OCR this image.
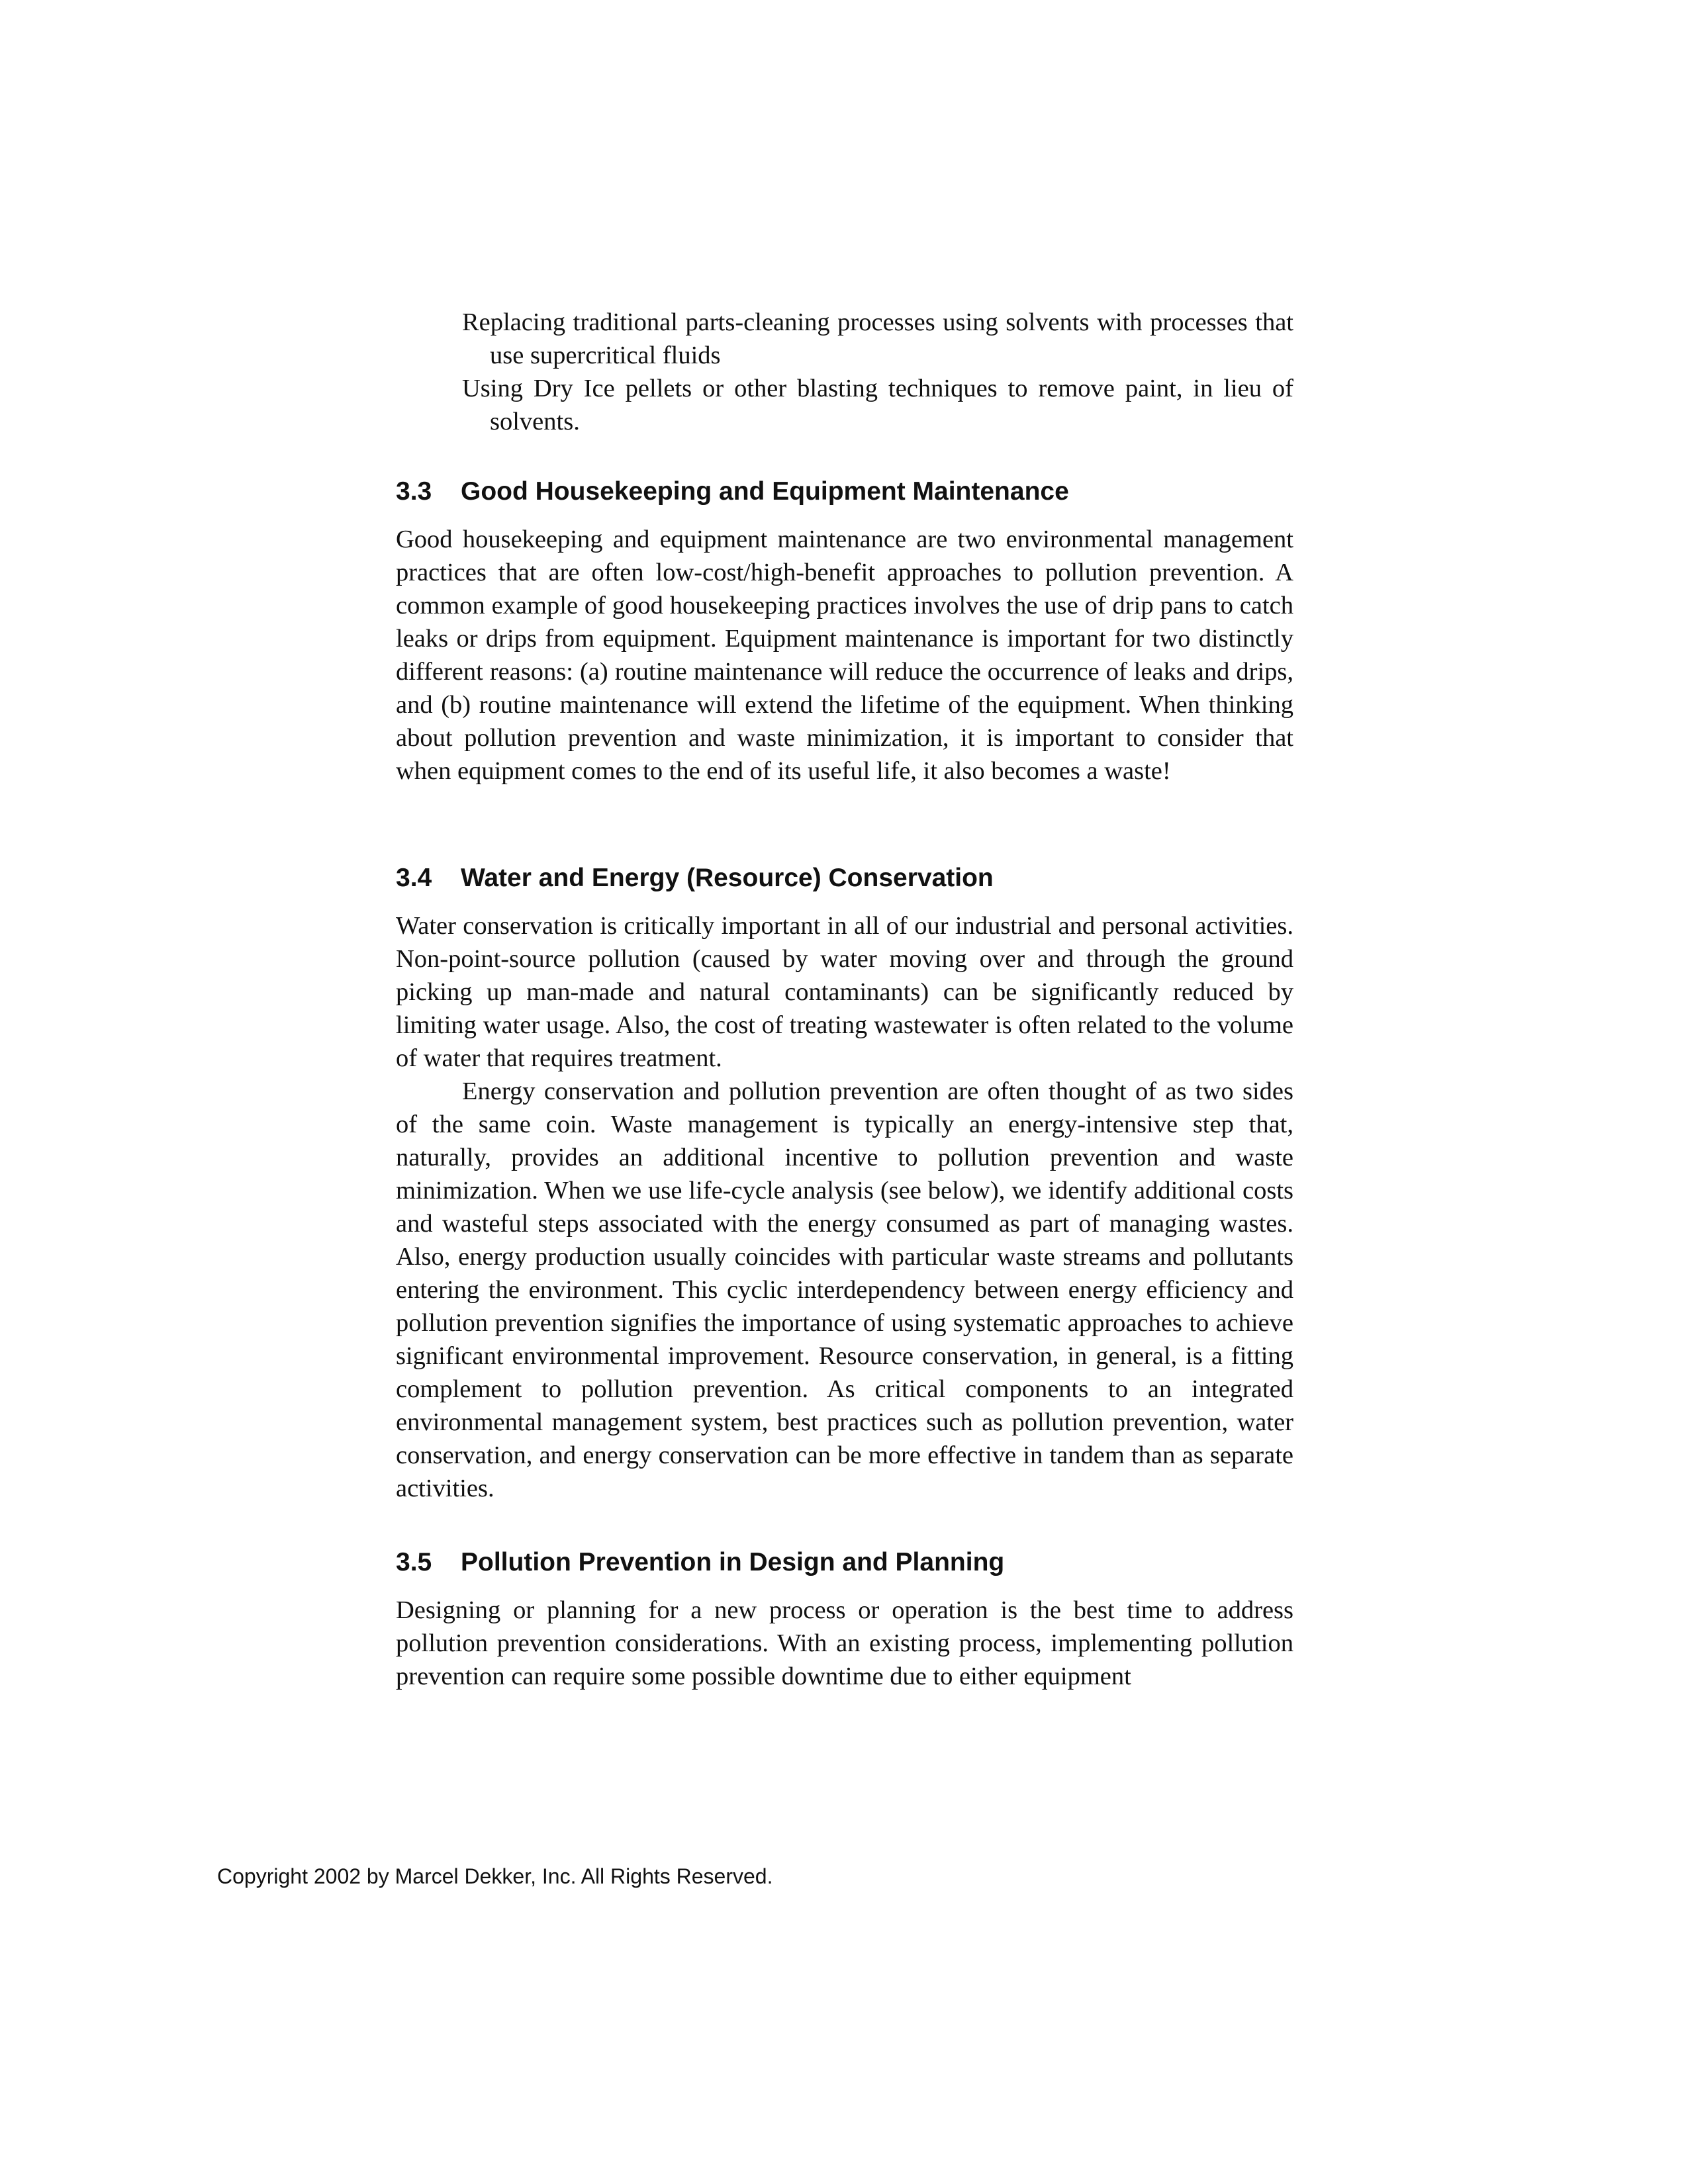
Replacing traditional parts-cleaning processes using solvents with processes that use supercritical fluids
Using Dry Ice pellets or other blasting techniques to remove paint, in lieu of solvents.
3.3 Good Housekeeping and Equipment Maintenance

Good housekeeping and equipment maintenance are two environmental management practices that are often low-cost/high-benefit approaches to pollution prevention. A common example of good housekeeping practices involves the use of drip pans to catch leaks or drips from equipment. Equipment maintenance is important for two distinctly different reasons: (a) routine maintenance will reduce the occurrence of leaks and drips, and (b) routine maintenance will extend the lifetime of the equipment. When thinking about pollution prevention and waste minimization, it is important to consider that when equipment comes to the end of its useful life, it also becomes a waste!

3.4 Water and Energy (Resource) Conservation

Water conservation is critically important in all of our industrial and personal activities. Non-point-source pollution (caused by water moving over and through the ground picking up man-made and natural contaminants) can be significantly reduced by limiting water usage. Also, the cost of treating wastewater is often related to the volume of water that requires treatment.

Energy conservation and pollution prevention are often thought of as two sides of the same coin. Waste management is typically an energy-intensive step that, naturally, provides an additional incentive to pollution prevention and waste minimization. When we use life-cycle analysis (see below), we identify additional costs and wasteful steps associated with the energy consumed as part of managing wastes. Also, energy production usually coincides with particular waste streams and pollutants entering the environment. This cyclic interdependency between energy efficiency and pollution prevention signifies the importance of using systematic approaches to achieve significant environmental improvement. Resource conservation, in general, is a fitting complement to pollution prevention. As critical components to an integrated environmental management system, best practices such as pollution prevention, water conservation, and energy conservation can be more effective in tandem than as separate activities.

3.5 Pollution Prevention in Design and Planning

Designing or planning for a new process or operation is the best time to address pollution prevention considerations. With an existing process, implementing pollution prevention can require some possible downtime due to either equipment

Copyright 2002 by Marcel Dekker, Inc. All Rights Reserved.
